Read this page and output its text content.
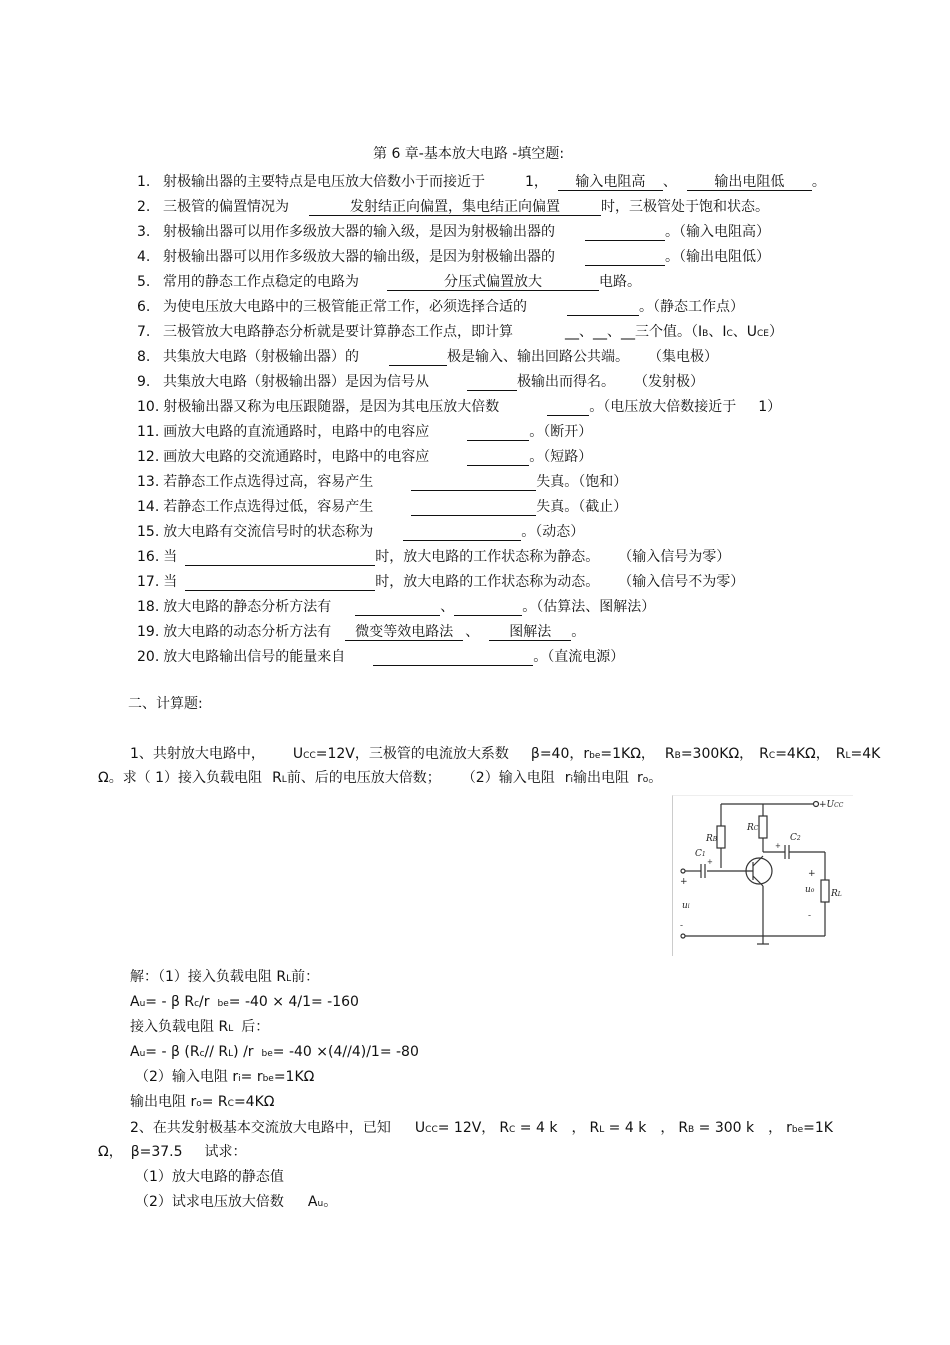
第 6 章-基本放大电路 -填空题:
1. 射极输出器的主要特点是电压放大倍数小于而接近于	1， 输入电阻高 、	输出电阻低 。
2. 三极管的偏置情况为	发射结正向偏置，集电结正向偏置	时，三极管处于饱和状态。
3. 射极输出器可以用作多级放大器的输入级，是因为射极输出器的	。（输入电阻高）
4. 射极输出器可以用作多级放大器的输出级，是因为射极输出器的	。（输出电阻低）
5. 常用的静态工作点稳定的电路为	分压式偏置放大	电路。
6. 为使电压放大电路中的三极管能正常工作，必须选择合适的	。（静态工作点）
7. 三极管放大电路静态分析就是要计算静态工作点，即计算	__、__、__三个值。（IB、IC、UCE）
8. 共集放大电路（射极输出器）的	极是输入、输出回路公共端。 （集电极）
9. 共集放大电路（射极输出器）是因为信号从	极输出而得名。 （发射极）
10. 射极输出器又称为电压跟随器，是因为其电压放大倍数	。（电压放大倍数接近于 1）
11. 画放大电路的直流通路时，电路中的电容应	。（断开）
12. 画放大电路的交流通路时，电路中的电容应	。（短路）
13. 若静态工作点选得过高，容易产生	失真。（饱和）
14. 若静态工作点选得过低，容易产生	失真。（截止）
15. 放大电路有交流信号时的状态称为	。（动态）
16. 当	时，放大电路的工作状态称为静态。 （输入信号为零）
17. 当	时，放大电路的工作状态称为动态。 （输入信号不为零）
18. 放大电路的静态分析方法有	、	。（估算法、图解法）
19. 放大电路的动态分析方法有 微变等效电路法 、 图解法 。
20. 放大电路输出信号的能量来自	。（直流电源）
二、计算题:
1、共射放大电路中， UCC=12V，三极管的电流放大系数 β=40，rbe=1KΩ， RB=300KΩ， RC=4KΩ， RL=4K
Ω。求（ 1）接入负载电阻 RL前、后的电压放大倍数； （2）输入电阻 ri输出电阻 ro。
+UCC
RB
RC
C1
C2
ui
uo RL
+
-
+
+
+
-
解：（1）接入负载电阻 RL前：
Au= - β Rc/r be= -40 × 4/1= -160
接入负载电阻 RL 后：
Au= - β (Rc// RL) /r be= -40 ×(4//4)/1= -80
（2）输入电阻 ri= rbe=1KΩ
输出电阻 ro= RC=4KΩ
2、在共发射极基本交流放大电路中，已知 UCC= 12V， RC = 4 k ， RL = 4 k ， RB = 300 k ， rbe=1K
Ω， β=37.5 试求：
（1）放大电路的静态值
（2）试求电压放大倍数 Au。
